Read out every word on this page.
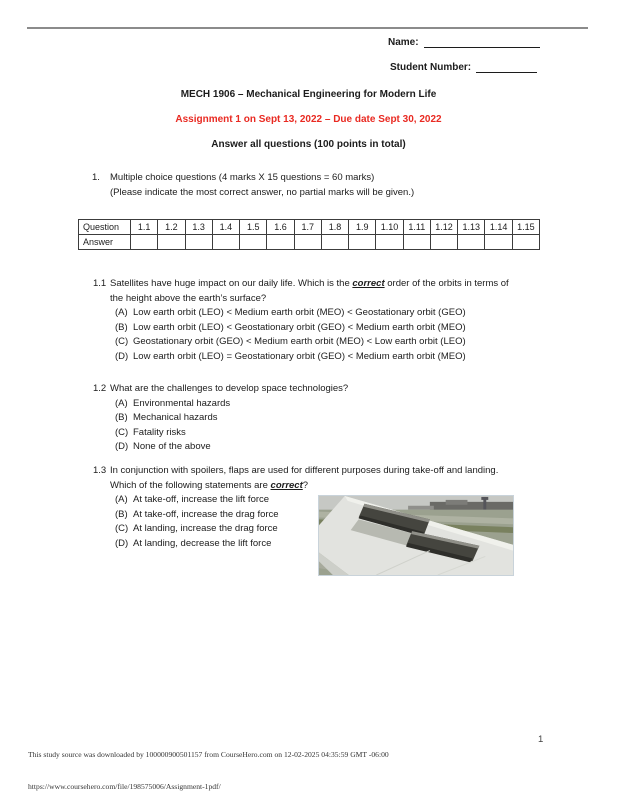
Name:
Student Number:
MECH 1906 – Mechanical Engineering for Modern Life
Assignment 1 on Sept 13, 2022 – Due date Sept 30, 2022
Answer all questions (100 points in total)
1.	Multiple choice questions (4 marks X 15 questions = 60 marks)
(Please indicate the most correct answer, no partial marks will be given.)
Question	1.1	1.2	1.3	1.4	1.5	1.6	1.7	1.8	1.9	1.10	1.11	1.12	1.13	1.14	1.15
Answer															
1.1 Satellites have huge impact on our daily life. Which is the correct order of the orbits in terms of
the height above the earth’s surface?
(A) Low earth orbit (LEO) < Medium earth orbit (MEO) < Geostationary orbit (GEO)
(B) Low earth orbit (LEO) < Geostationary orbit (GEO) < Medium earth orbit (MEO)
(C) Geostationary orbit (GEO) < Medium earth orbit (MEO) < Low earth orbit (LEO)
(D) Low earth orbit (LEO) = Geostationary orbit (GEO) < Medium earth orbit (MEO)
1.2 What are the challenges to develop space technologies?
(A) Environmental hazards
(B) Mechanical hazards
(C) Fatality risks
(D) None of the above
1.3 In conjunction with spoilers, flaps are used for different purposes during take-off and landing.
Which of the following statements are correct?
(A) At take-off, increase the lift force
(B) At take-off, increase the drag force
(C) At landing, increase the drag force
(D) At landing, decrease the lift force
1
This study source was downloaded by 100000900501157 from CourseHero.com on 12-02-2025 04:35:59 GMT -06:00
https://www.coursehero.com/file/198575006/Assignment-1pdf/
